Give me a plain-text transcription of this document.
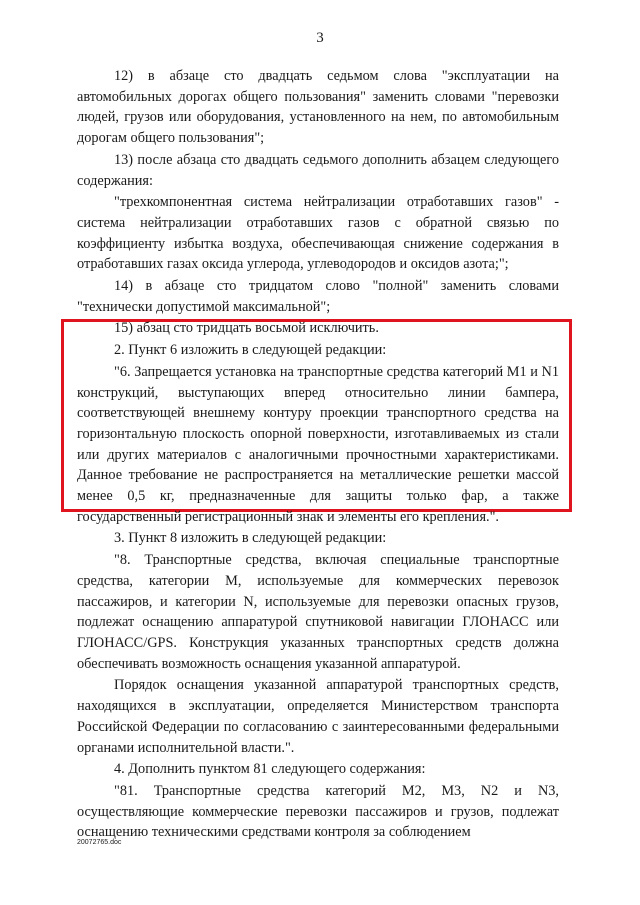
3

12) в абзаце сто двадцать седьмом слова "эксплуатации на автомобильных дорогах общего пользования" заменить словами "перевозки людей, грузов или оборудования, установленного на нем, по автомобильным дорогам общего пользования";

13) после абзаца сто двадцать седьмого дополнить абзацем следующего содержания:

"трехкомпонентная система нейтрализации отработавших газов" - система нейтрализации отработавших газов с обратной связью по коэффициенту избытка воздуха, обеспечивающая снижение содержания в отработавших газах оксида углерода, углеводородов и оксидов азота;";

14) в абзаце сто тридцатом слово "полной" заменить словами "технически допустимой максимальной";

15) абзац сто тридцать восьмой исключить.

2. Пункт 6 изложить в следующей редакции:

"6. Запрещается установка на транспортные средства категорий M1 и N1 конструкций, выступающих вперед относительно линии бампера, соответствующей внешнему контуру проекции транспортного средства на горизонтальную плоскость опорной поверхности, изготавливаемых из стали или других материалов с аналогичными прочностными характеристиками. Данное требование не распространяется на металлические решетки массой менее 0,5 кг, предназначенные для защиты только фар, а также государственный регистрационный знак и элементы его крепления.".

3. Пункт 8 изложить в следующей редакции:

"8. Транспортные средства, включая специальные транспортные средства, категории M, используемые для коммерческих перевозок пассажиров, и категории N, используемые для перевозки опасных грузов, подлежат оснащению аппаратурой спутниковой навигации ГЛОНАСС или ГЛОНАСС/GPS. Конструкция указанных транспортных средств должна обеспечивать возможность оснащения указанной аппаратурой.

Порядок оснащения указанной аппаратурой транспортных средств, находящихся в эксплуатации, определяется Министерством транспорта Российской Федерации по согласованию с заинтересованными федеральными органами исполнительной власти.".

4. Дополнить пунктом 81 следующего содержания:

"81. Транспортные средства категорий M2, M3, N2 и N3, осуществляющие коммерческие перевозки пассажиров и грузов, подлежат оснащению техническими средствами контроля за соблюдением

20072765.doc
